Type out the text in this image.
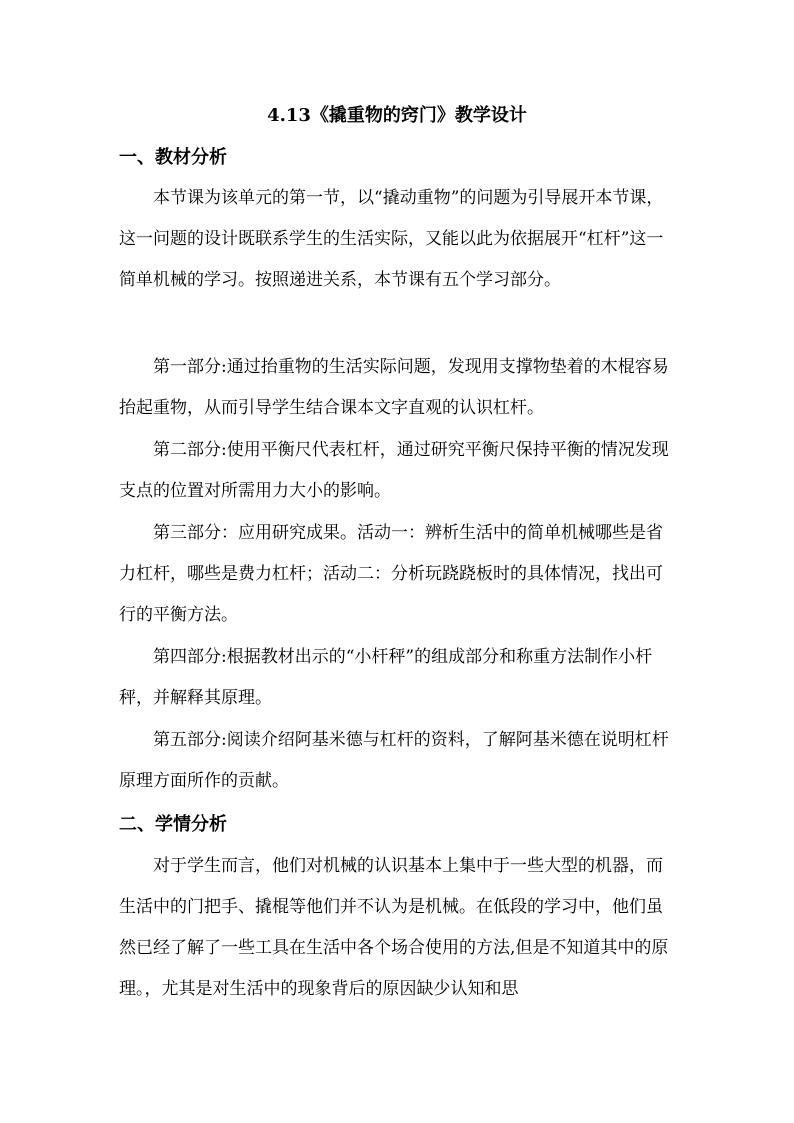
4.13《撬重物的窍门》教学设计
一、教材分析

本节课为该单元的第一节，以“撬动重物”的问题为引导展开本节课，这一问题的设计既联系学生的生活实际，又能以此为依据展开“杠杆”这一简单机械的学习。按照递进关系，本节课有五个学习部分。

第一部分:通过抬重物的生活实际问题，发现用支撑物垫着的木棍容易抬起重物，从而引导学生结合课本文字直观的认识杠杆。

第二部分:使用平衡尺代表杠杆，通过研究平衡尺保持平衡的情况发现支点的位置对所需用力大小的影响。

第三部分：应用研究成果。活动一：辨析生活中的简单机械哪些是省力杠杆，哪些是费力杠杆；活动二：分析玩跷跷板时的具体情况，找出可行的平衡方法。

第四部分:根据教材出示的“小杆秤”的组成部分和称重方法制作小杆秤，并解释其原理。

第五部分:阅读介绍阿基米德与杠杆的资料，了解阿基米德在说明杠杆原理方面所作的贡献。

二、学情分析

对于学生而言，他们对机械的认识基本上集中于一些大型的机器，而生活中的门把手、撬棍等他们并不认为是机械。在低段的学习中，他们虽然已经了解了一些工具在生活中各个场合使用的方法,但是不知道其中的原理。，尤其是对生活中的现象背后的原因缺少认知和思
